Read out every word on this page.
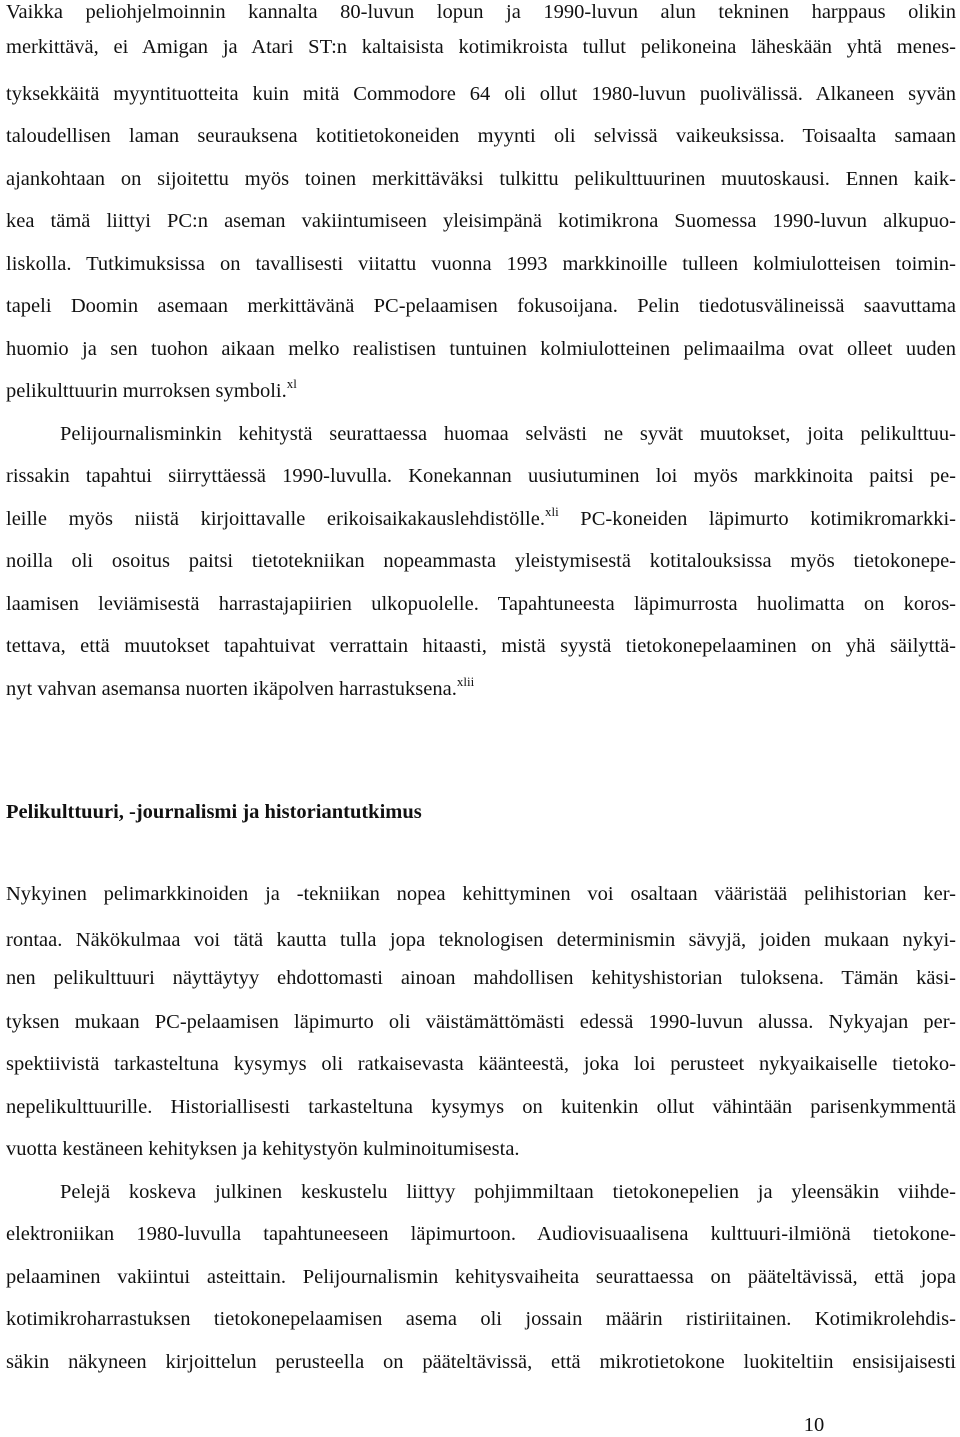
Vaikka peliohjelmoinnin kannalta 80-luvun lopun ja 1990-luvun alun tekninen harppaus olikin
merkittävä, ei Amigan ja Atari ST:n kaltaisista kotimikroista tullut pelikoneina läheskään yhtä menes-
tyksekkäitä myyntituotteita kuin mitä Commodore 64 oli ollut 1980-luvun puolivälissä. Alkaneen syvän
taloudellisen laman seurauksena kotitietokoneiden myynti oli selvissä vaikeuksissa. Toisaalta samaan
ajankohtaan on sijoitettu myös toinen merkittäväksi tulkittu pelikulttuurinen muutoskausi. Ennen kaik-
kea tämä liittyi PC:n aseman vakiintumiseen yleisimpänä kotimikrona Suomessa 1990-luvun alkupuo-
liskolla. Tutkimuksissa on tavallisesti viitattu vuonna 1993 markkinoille tulleen kolmiulotteisen toimin-
tapeli Doomin asemaan merkittävänä PC-pelaamisen fokusoijana. Pelin tiedotusvälineissä saavuttama
huomio ja sen tuohon aikaan melko realistisen tuntuinen kolmiulotteinen pelimaailma ovat olleet uuden
pelikulttuurin murroksen symboli.$^{xl}$
Pelijournalisminkin kehitystä seurattaessa huomaa selvästi ne syvät muutokset, joita pelikulttuu-
rissakin tapahtui siirryttäessä 1990-luvulla. Konekannan uusiutuminen loi myös markkinoita paitsi pe-
leille myös niistä kirjoittavalle erikoisaikakauslehdistölle.$^{xli}$ PC-koneiden läpimurto kotimikromarkki-
noilla oli osoitus paitsi tietotekniikan nopeammasta yleistymisestä kotitalouksissa myös tietokonepe-
laamisen leviämisestä harrastajapiirien ulkopuolelle. Tapahtuneesta läpimurrosta huolimatta on koros-
tettava, että muutokset tapahtuivat verrattain hitaasti, mistä syystä tietokonepelaaminen on yhä säilyttä-
nyt vahvan asemansa nuorten ikäpolven harrastuksena.$^{xlii}$
Pelikulttuuri, -journalismi ja historiantutkimus
Nykyinen pelimarkkinoiden ja -tekniikan nopea kehittyminen voi osaltaan vääristää pelihistorian ker-
rontaa. Näkökulmaa voi tätä kautta tulla jopa teknologisen determinismin sävyjä, joiden mukaan nykyi-
nen pelikulttuuri näyttäytyy ehdottomasti ainoan mahdollisen kehityshistorian tuloksena. Tämän käsi-
tyksen mukaan PC-pelaamisen läpimurto oli väistämättömästi edessä 1990-luvun alussa. Nykyajan per-
spektiivistä tarkasteltuna kysymys oli ratkaisevasta käänteestä, joka loi perusteet nykyaikaiselle tietoko-
nepelikulttuurille. Historiallisesti tarkasteltuna kysymys on kuitenkin ollut vähintään parisenkymmentä
vuotta kestäneen kehityksen ja kehitystyön kulminoitumisesta.
Pelejä koskeva julkinen keskustelu liittyy pohjimmiltaan tietokonepelien ja yleensäkin viihde-
elektroniikan 1980-luvulla tapahtuneeseen läpimurtoon. Audiovisuaalisena kulttuuri-ilmiönä tietokone-
pelaaminen vakiintui asteittain. Pelijournalismin kehitysvaiheita seurattaessa on pääteltävissä, että jopa
kotimikroharrastuksen tietokonepelaamisen asema oli jossain määrin ristiriitainen. Kotimikrolehdis-
säkin näkyneen kirjoittelun perusteella on pääteltävissä, että mikrotietokone luokiteltiin ensisijaisesti
10
